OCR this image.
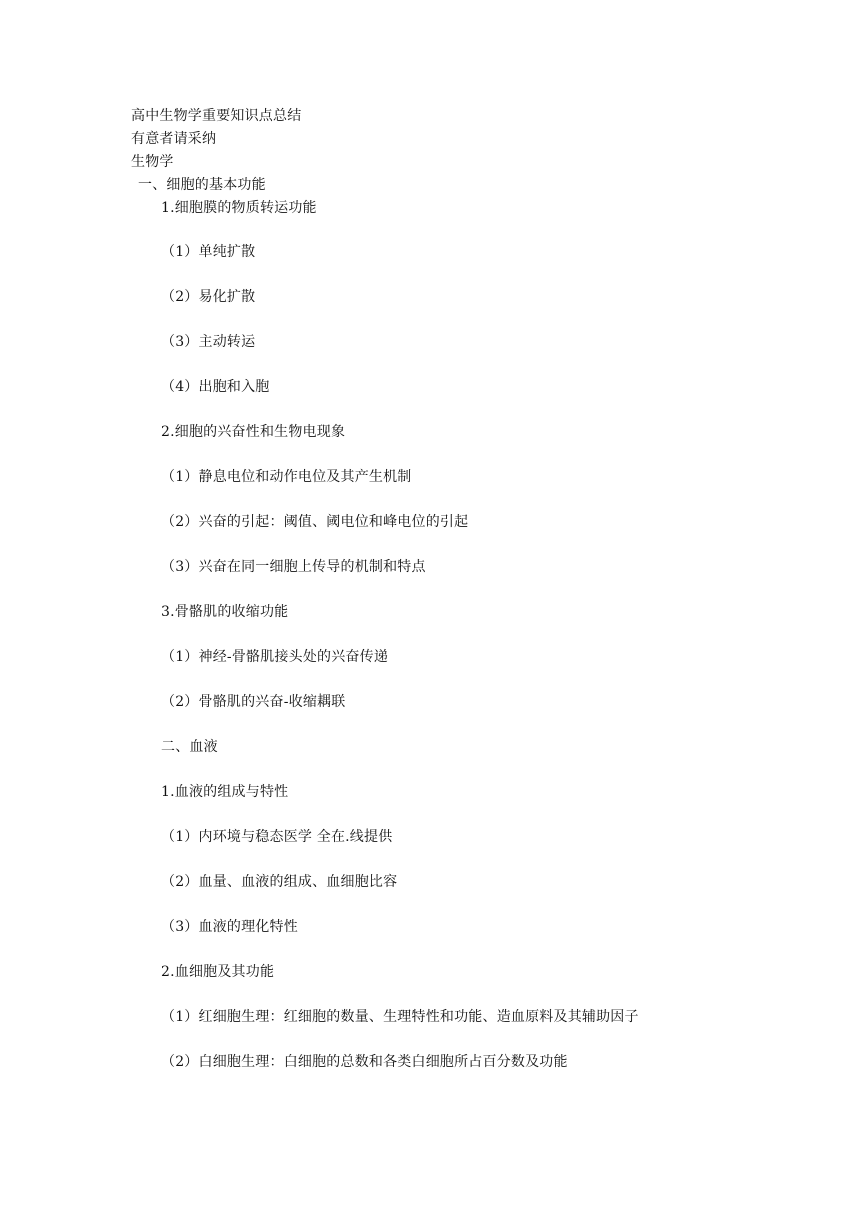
高中生物学重要知识点总结
有意者请采纳
生物学
一、细胞的基本功能
1.细胞膜的物质转运功能
（1）单纯扩散
（2）易化扩散
（3）主动转运
（4）出胞和入胞
2.细胞的兴奋性和生物电现象
（1）静息电位和动作电位及其产生机制
（2）兴奋的引起：阈值、阈电位和峰电位的引起
（3）兴奋在同一细胞上传导的机制和特点
3.骨骼肌的收缩功能
（1）神经-骨骼肌接头处的兴奋传递
（2）骨骼肌的兴奋-收缩耦联
二、血液
1.血液的组成与特性
（1）内环境与稳态医学 全在.线提供
（2）血量、血液的组成、血细胞比容
（3）血液的理化特性
2.血细胞及其功能
（1）红细胞生理：红细胞的数量、生理特性和功能、造血原料及其辅助因子
（2）白细胞生理：白细胞的总数和各类白细胞所占百分数及功能
